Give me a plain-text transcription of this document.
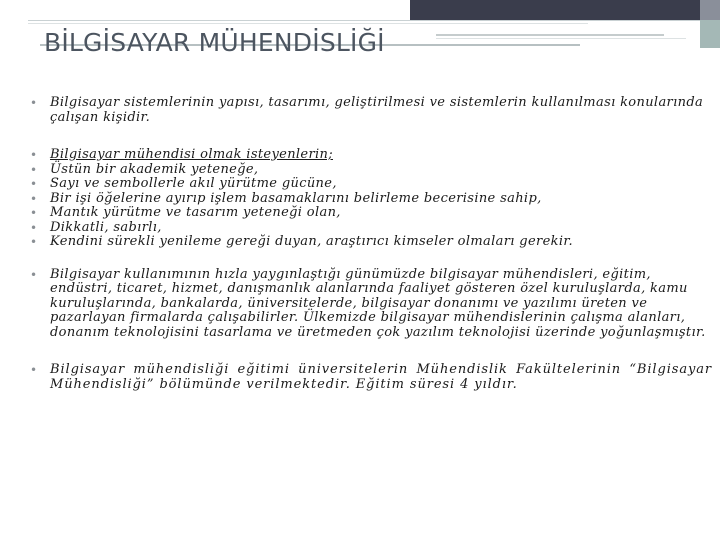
BİLGİSAYAR MÜHENDİSLİĞİ
• Bilgisayar sistemlerinin yapısı, tasarımı, geliştirilmesi ve sistemlerin kullanılması konularında çalışan kişidir.
• Bilgisayar mühendisi olmak isteyenlerin;
• Üstün bir akademik yeteneğe,
• Sayı ve sembollerle akıl yürütme gücüne,
• Bir işi öğelerine ayırıp işlem basamaklarını belirleme becerisine sahip,
• Mantık yürütme ve tasarım yeteneği olan,
• Dikkatli, sabırlı,
• Kendini sürekli yenileme gereği duyan, araştırıcı kimseler olmaları gerekir.
• Bilgisayar kullanımının hızla yaygınlaştığı günümüzde bilgisayar mühendisleri, eğitim, endüstri, ticaret, hizmet, danışmanlık alanlarında faaliyet gösteren özel kuruluşlarda, kamu kuruluşlarında, bankalarda, üniversitelerde, bilgisayar donanımı ve yazılımı üreten ve pazarlayan firmalarda çalışabilirler. Ülkemizde bilgisayar mühendislerinin çalışma alanları, donanım teknolojisini tasarlama ve üretmeden çok yazılım teknolojisi üzerinde yoğunlaşmıştır.
• Bilgisayar mühendisliği eğitimi üniversitelerin Mühendislik Fakültelerinin “Bilgisayar Mühendisliği” bölümünde verilmektedir. Eğitim süresi 4 yıldır.
